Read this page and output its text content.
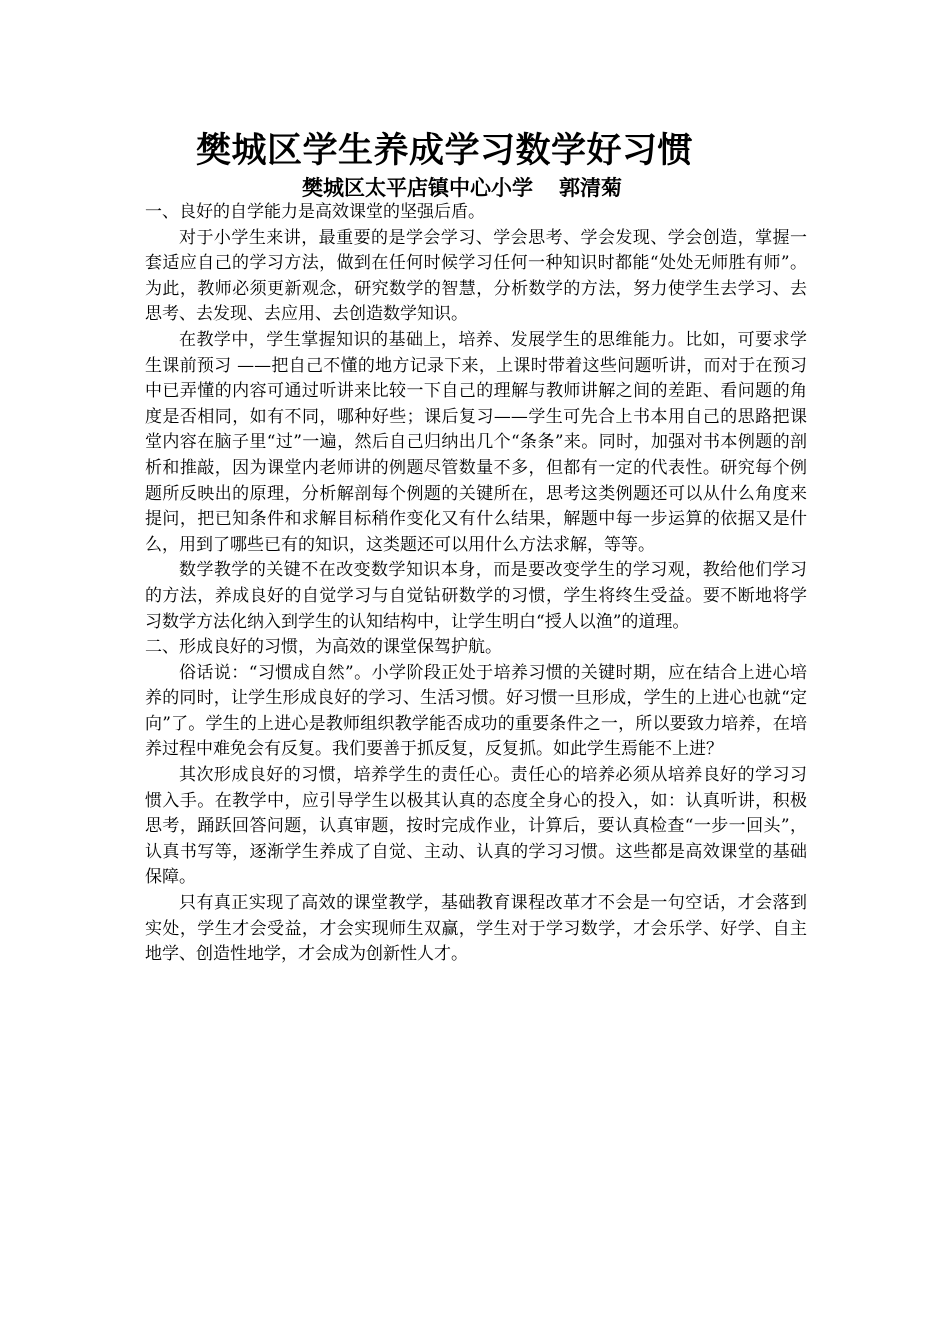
樊城区学生养成学习数学好习惯
樊城区太平店镇中心小学 郭清菊

一、良好的自学能力是高效课堂的坚强后盾。

对于小学生来讲，最重要的是学会学习、学会思考、学会发现、学会创造，掌握一套适应自己的学习方法，做到在任何时候学习任何一种知识时都能“处处无师胜有师”。为此，教师必须更新观念，研究数学的智慧，分析数学的方法，努力使学生去学习、去思考、去发现、去应用、去创造数学知识。

在教学中，学生掌握知识的基础上，培养、发展学生的思维能力。比如，可要求学生课前预习 ——把自己不懂的地方记录下来，上课时带着这些问题听讲，而对于在预习中已弄懂的内容可通过听讲来比较一下自己的理解与教师讲解之间的差距、看问题的角度是否相同，如有不同，哪种好些；课后复习——学生可先合上书本用自己的思路把课堂内容在脑子里“过”一遍，然后自己归纳出几个“条条”来。同时，加强对书本例题的剖析和推敲，因为课堂内老师讲的例题尽管数量不多，但都有一定的代表性。研究每个例题所反映出的原理，分析解剖每个例题的关键所在，思考这类例题还可以从什么角度来提问，把已知条件和求解目标稍作变化又有什么结果，解题中每一步运算的依据又是什么，用到了哪些已有的知识，这类题还可以用什么方法求解，等等。

数学教学的关键不在改变数学知识本身，而是要改变学生的学习观，教给他们学习的方法，养成良好的自觉学习与自觉钻研数学的习惯，学生将终生受益。要不断地将学习数学方法化纳入到学生的认知结构中，让学生明白“授人以渔”的道理。

二、形成良好的习惯，为高效的课堂保驾护航。

俗话说：“习惯成自然”。小学阶段正处于培养习惯的关键时期，应在结合上进心培养的同时，让学生形成良好的学习、生活习惯。好习惯一旦形成，学生的上进心也就“定向”了。学生的上进心是教师组织教学能否成功的重要条件之一，所以要致力培养，在培养过程中难免会有反复。我们要善于抓反复，反复抓。如此学生焉能不上进？

其次形成良好的习惯，培养学生的责任心。责任心的培养必须从培养良好的学习习惯入手。在教学中，应引导学生以极其认真的态度全身心的投入，如：认真听讲，积极思考，踊跃回答问题，认真审题，按时完成作业，计算后，要认真检查“一步一回头”，认真书写等，逐渐学生养成了自觉、主动、认真的学习习惯。这些都是高效课堂的基础保障。

只有真正实现了高效的课堂教学，基础教育课程改革才不会是一句空话，才会落到实处，学生才会受益，才会实现师生双赢，学生对于学习数学，才会乐学、好学、自主地学、创造性地学，才会成为创新性人才。
